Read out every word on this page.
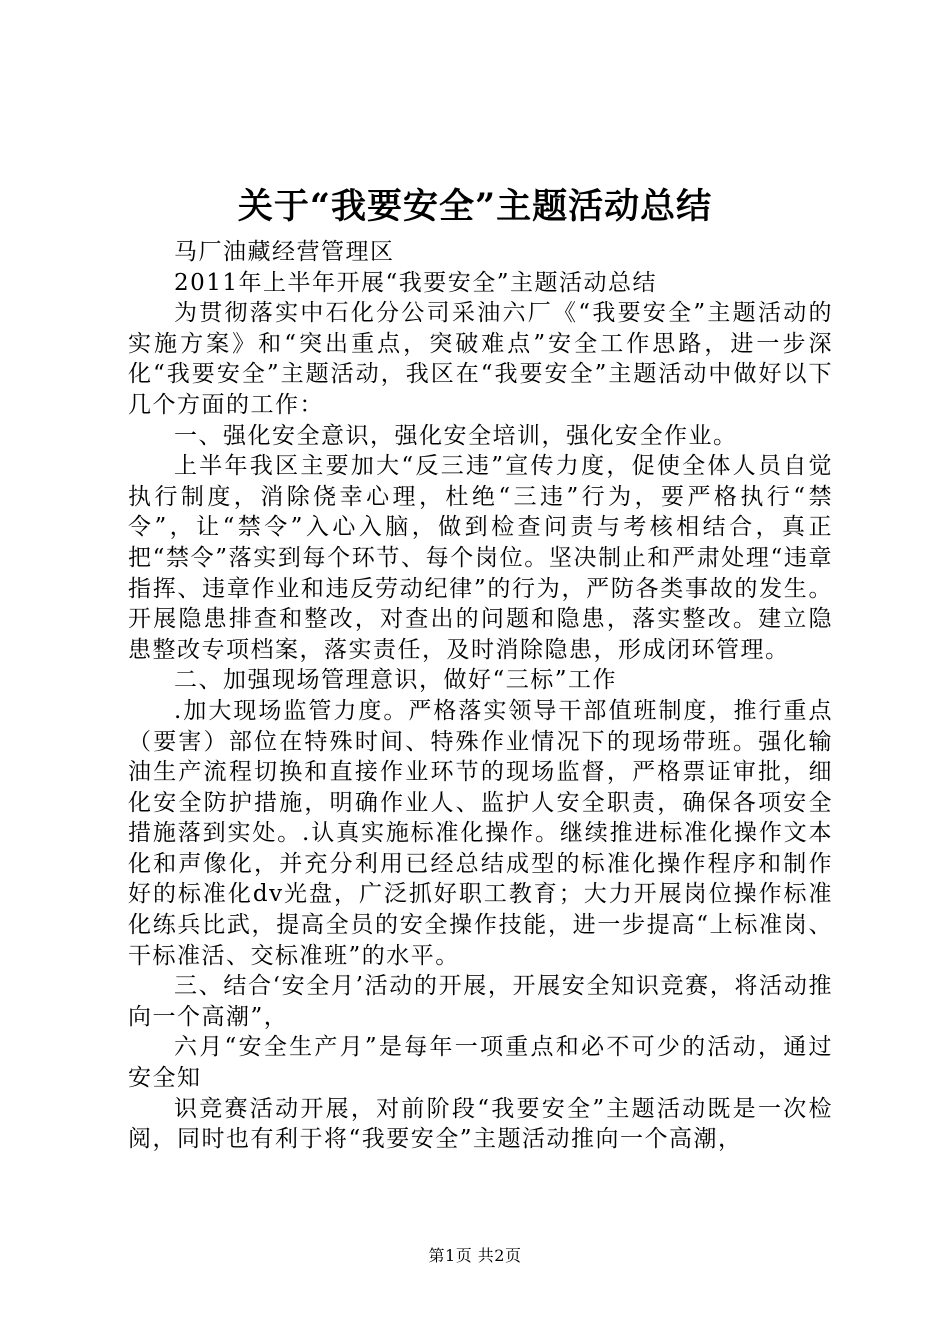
关于“我要安全”主题活动总结

马厂油藏经营管理区

2011年上半年开展“我要安全”主题活动总结

为贯彻落实中石化分公司采油六厂《“我要安全”主题活动的实施方案》和“突出重点，突破难点”安全工作思路，进一步深化“我要安全”主题活动，我区在“我要安全”主题活动中做好以下几个方面的工作：

一、强化安全意识，强化安全培训，强化安全作业。

上半年我区主要加大“反三违”宣传力度，促使全体人员自觉执行制度，消除侥幸心理，杜绝“三违”行为，要严格执行“禁令”，让“禁令”入心入脑，做到检查问责与考核相结合，真正把“禁令”落实到每个环节、每个岗位。坚决制止和严肃处理“违章指挥、违章作业和违反劳动纪律”的行为，严防各类事故的发生。开展隐患排查和整改，对查出的问题和隐患，落实整改。建立隐患整改专项档案，落实责任，及时消除隐患，形成闭环管理。

二、加强现场管理意识，做好“三标”工作

.加大现场监管力度。严格落实领导干部值班制度，推行重点（要害）部位在特殊时间、特殊作业情况下的现场带班。强化输油生产流程切换和直接作业环节的现场监督，严格票证审批，细化安全防护措施，明确作业人、监护人安全职责，确保各项安全措施落到实处。.认真实施标准化操作。继续推进标准化操作文本化和声像化，并充分利用已经总结成型的标准化操作程序和制作好的标准化dv光盘，广泛抓好职工教育；大力开展岗位操作标准化练兵比武，提高全员的安全操作技能，进一步提高“上标准岗、干标准活、交标准班”的水平。

三、结合‘安全月’活动的开展，开展安全知识竞赛，将活动推向一个高潮”，

六月“安全生产月”是每年一项重点和必不可少的活动，通过安全知

识竞赛活动开展，对前阶段“我要安全”主题活动既是一次检阅，同时也有利于将“我要安全”主题活动推向一个高潮，

第1页 共2页
